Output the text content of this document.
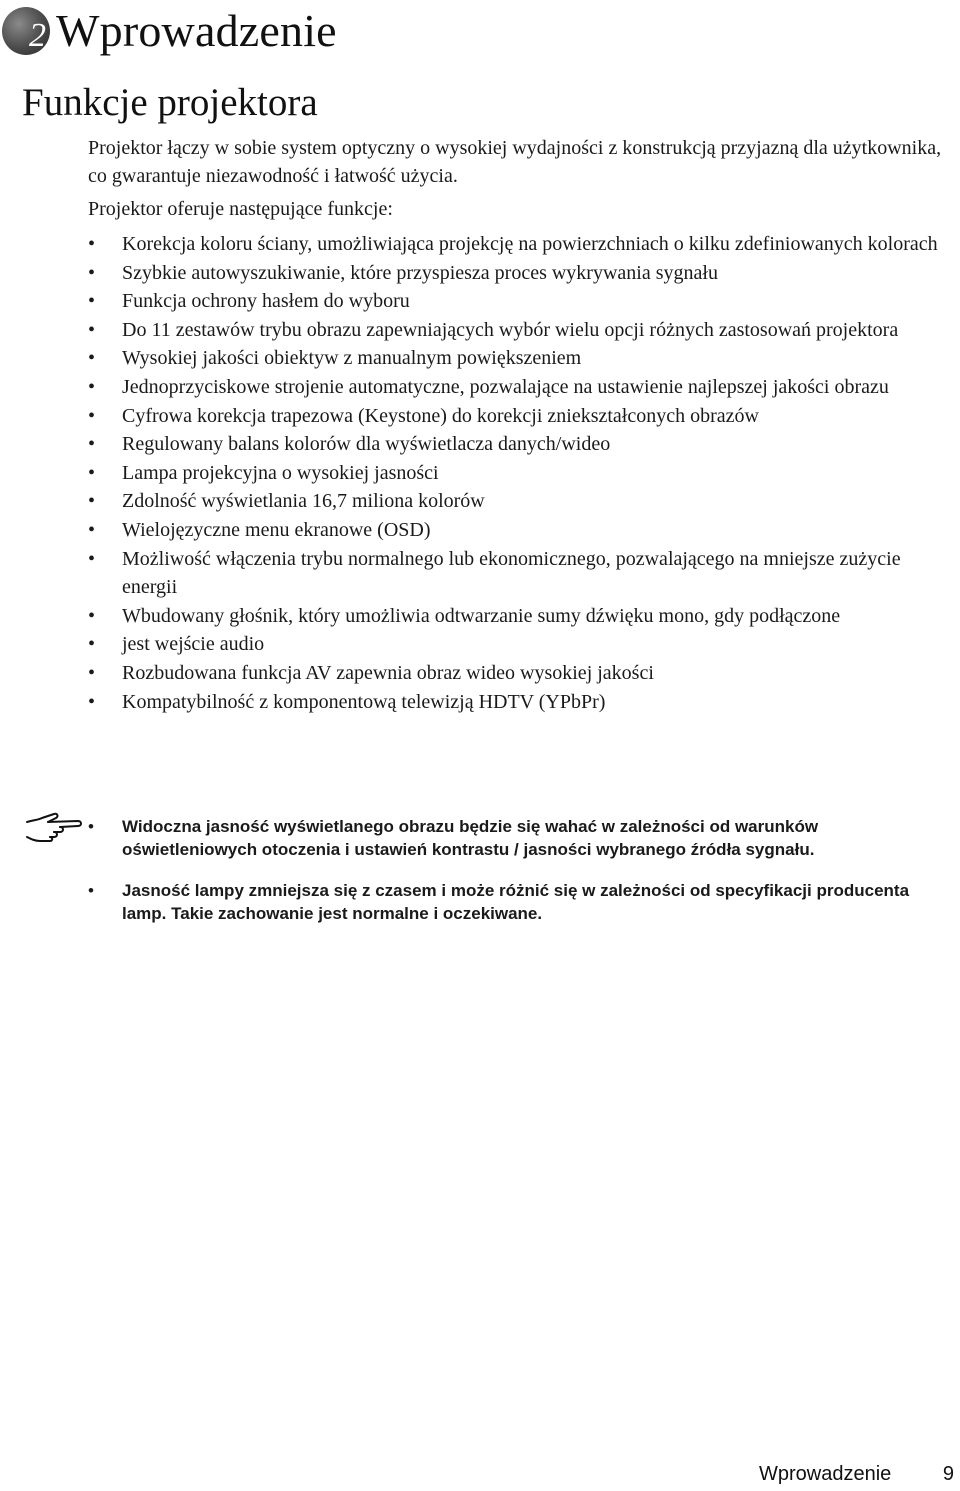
2 Wprowadzenie
Funkcje projektora

Projektor łączy w sobie system optyczny o wysokiej wydajności z konstrukcją przyjazną dla użytkownika, co gwarantuje niezawodność i łatwość użycia.

Projektor oferuje następujące funkcje:

• Korekcja koloru ściany, umożliwiająca projekcję na powierzchniach o kilku zdefiniowanych kolorach
• Szybkie autowyszukiwanie, które przyspiesza proces wykrywania sygnału
• Funkcja ochrony hasłem do wyboru
• Do 11 zestawów trybu obrazu zapewniających wybór wielu opcji różnych zastosowań projektora
• Wysokiej jakości obiektyw z manualnym powiększeniem
• Jednoprzyciskowe strojenie automatyczne, pozwalające na ustawienie najlepszej jakości obrazu
• Cyfrowa korekcja trapezowa (Keystone) do korekcji zniekształconych obrazów
• Regulowany balans kolorów dla wyświetlacza danych/wideo
• Lampa projekcyjna o wysokiej jasności
• Zdolność wyświetlania 16,7 miliona kolorów
• Wielojęzyczne menu ekranowe (OSD)
• Możliwość włączenia trybu normalnego lub ekonomicznego, pozwalającego na mniejsze zużycie energii
• Wbudowany głośnik, który umożliwia odtwarzanie sumy dźwięku mono, gdy podłączone
• jest wejście audio
• Rozbudowana funkcja AV zapewnia obraz wideo wysokiej jakości
• Kompatybilność z komponentową telewizją HDTV (YPbPr)
• Widoczna jasność wyświetlanego obrazu będzie się wahać w zależności od warunków oświetleniowych otoczenia i ustawień kontrastu / jasności wybranego źródła sygnału.
• Jasność lampy zmniejsza się z czasem i może różnić się w zależności od specyfikacji producenta lamp. Takie zachowanie jest normalne i oczekiwane.
Wprowadzenie	9
